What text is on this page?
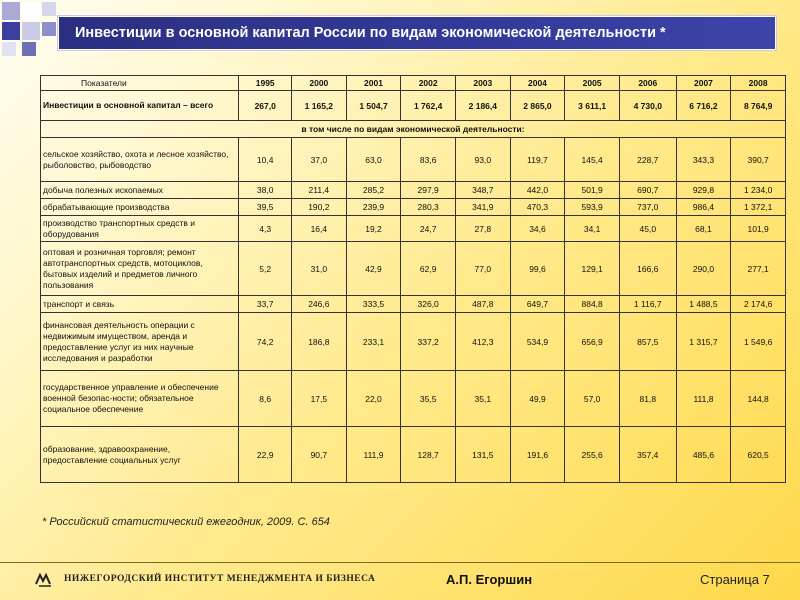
Инвестиции в основной капитал России по видам экономической деятельности *
Показатели	1995	2000	2001	2002	2003	2004	2005	2006	2007	2008
Инвестиции в основной капитал – всего	267,0	1 165,2	1 504,7	1 762,4	2 186,4	2 865,0	3 611,1	4 730,0	6 716,2	8 764,9
в том числе по видам экономической деятельности:										
сельское хозяйство, охота и лесное хозяйство, рыболовство, рыбоводство	10,4	37,0	63,0	83,6	93,0	119,7	145,4	228,7	343,3	390,7
добыча полезных ископаемых	38,0	211,4	285,2	297,9	348,7	442,0	501,9	690,7	929,8	1 234,0
обрабатывающие производства	39,5	190,2	239,9	280,3	341,9	470,3	593,9	737,0	986,4	1 372,1
производство транспортных средств и оборудования	4,3	16,4	19,2	24,7	27,8	34,6	34,1	45,0	68,1	101,9
оптовая и розничная торговля; ремонт автотранспортных средств, мотоциклов, бытовых изделий и предметов личного пользования	5,2	31,0	42,9	62,9	77,0	99,6	129,1	166,6	290,0	277,1
транспорт и связь	33,7	246,6	333,5	326,0	487,8	649,7	884,8	1 116,7	1 488,5	2 174,6
финансовая деятельность операции с недвижимым имуществом, аренда и предоставление услуг из них научные исследования и разработки	74,2	186,8	233,1	337,2	412,3	534,9	656,9	857,5	1 315,7	1 549,6
государственное управление и обеспечение военной безопас-ности; обязательное социальное обеспечение	8,6	17,5	22,0	35,5	35,1	49,9	57,0	81,8	111,8	144,8
образование, здравоохранение, предоставление социальных услуг	22,9	90,7	111,9	128,7	131,5	191,6	255,6	357,4	485,6	620,5
* Российский статистический ежегодник, 2009. С. 654
НИЖЕГОРОДСКИЙ ИНСТИТУТ МЕНЕДЖМЕНТА И БИЗНЕСА	А.П. Егоршин	Страница 7
